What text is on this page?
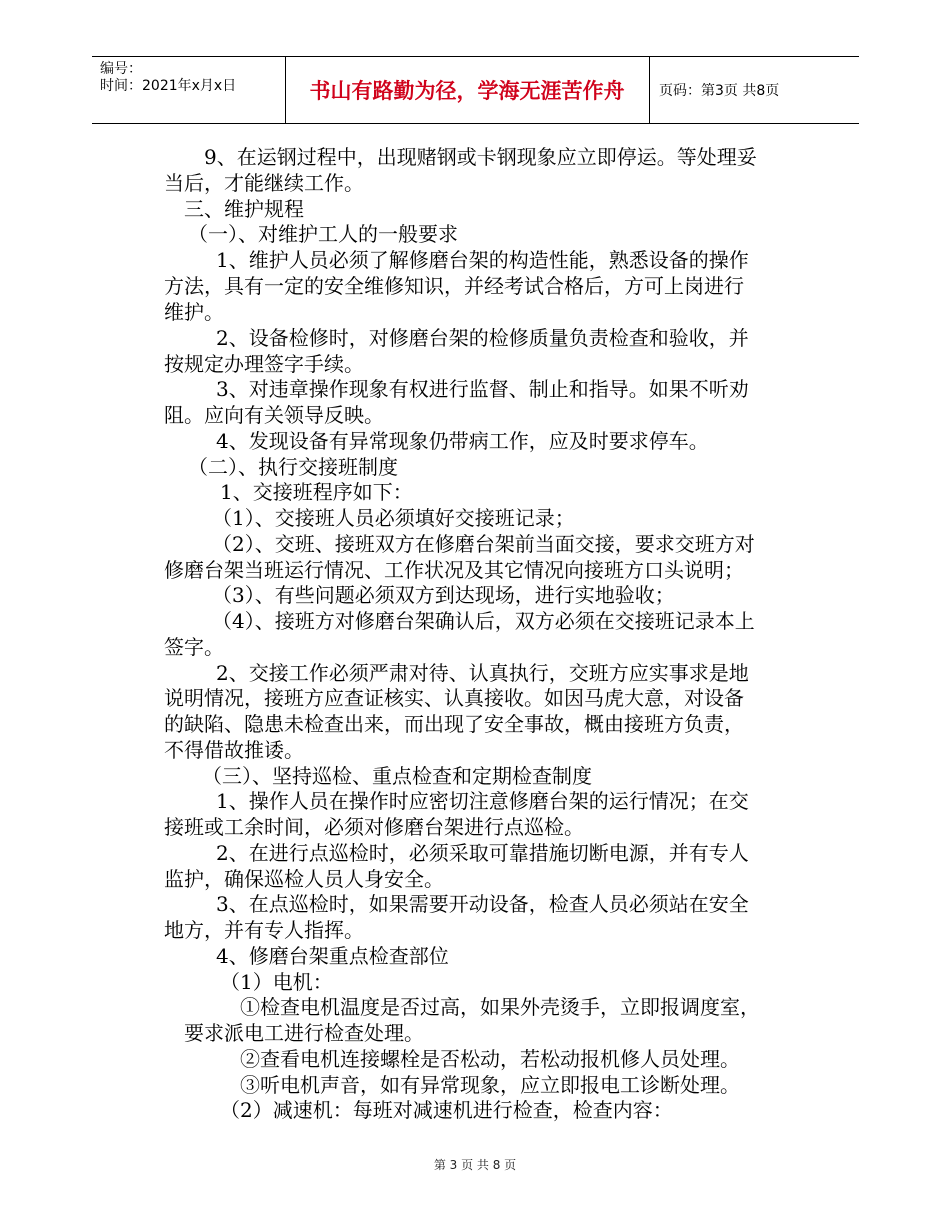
编号：
时间：2021年x月x日	书山有路勤为径，学海无涯苦作舟	页码：第3页 共8页
9、在运钢过程中，出现赌钢或卡钢现象应立即停运。等处理妥
当后，才能继续工作。
三、维护规程
（一）、对维护工人的一般要求
1、维护人员必须了解修磨台架的构造性能，熟悉设备的操作
方法，具有一定的安全维修知识，并经考试合格后，方可上岗进行
维护。
2、设备检修时，对修磨台架的检修质量负责检查和验收，并
按规定办理签字手续。
3、对违章操作现象有权进行监督、制止和指导。如果不听劝
阻。应向有关领导反映。
4、发现设备有异常现象仍带病工作，应及时要求停车。
（二）、执行交接班制度
1、交接班程序如下：
（1）、交接班人员必须填好交接班记录；
（2）、交班、接班双方在修磨台架前当面交接，要求交班方对
修磨台架当班运行情况、工作状况及其它情况向接班方口头说明；
（3）、有些问题必须双方到达现场，进行实地验收；
（4）、接班方对修磨台架确认后，双方必须在交接班记录本上
签字。
2、交接工作必须严肃对待、认真执行，交班方应实事求是地
说明情况，接班方应查证核实、认真接收。如因马虎大意，对设备
的缺陷、隐患未检查出来，而出现了安全事故，概由接班方负责，
不得借故推诿。
（三）、坚持巡检、重点检查和定期检查制度
1、操作人员在操作时应密切注意修磨台架的运行情况；在交
接班或工余时间，必须对修磨台架进行点巡检。
2、在进行点巡检时，必须采取可靠措施切断电源，并有专人
监护，确保巡检人员人身安全。
3、在点巡检时，如果需要开动设备，检查人员必须站在安全
地方，并有专人指挥。
4、修磨台架重点检查部位
（1）电机：
①检查电机温度是否过高，如果外壳烫手，立即报调度室，
要求派电工进行检查处理。
②查看电机连接螺栓是否松动，若松动报机修人员处理。
③听电机声音，如有异常现象，应立即报电工诊断处理。
（2）减速机：每班对减速机进行检查，检查内容：
第 3 页 共 8 页
